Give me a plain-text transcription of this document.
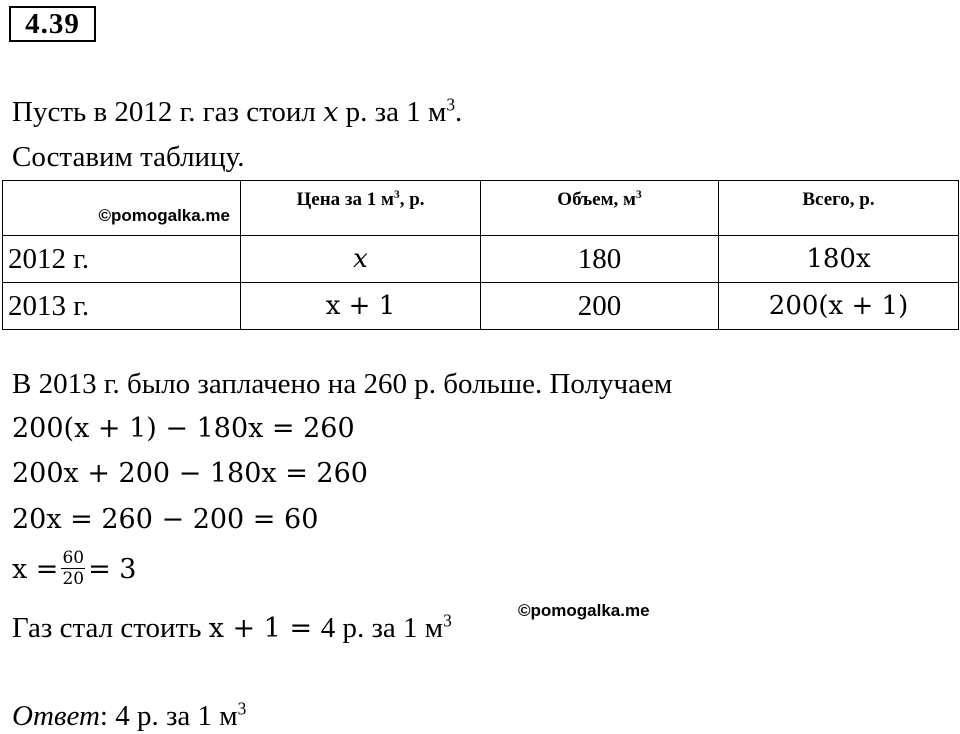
4.39
Пусть в 2012 г. газ стоил x р. за 1 $м^3$.
Составим таблицу.
©pomogalka.me	Цена за 1 $м^3$, р.	Объем, $м^3$	Всего, р.
2012 г.	x	180	180x
2013 г.	x + 1	200	200(x + 1)
В 2013 г. было заплачено на 260 р. больше. Получаем
200(x + 1) − 180x = 260
200x + 200 − 180x = 260
20x = 260 − 200 = 60
$x = \frac{60}{20} = 3$
Газ стал стоить x + 1 = 4 р. за 1 $м^3$
©pomogalka.me
Ответ: 4 р. за 1 $м^3$
